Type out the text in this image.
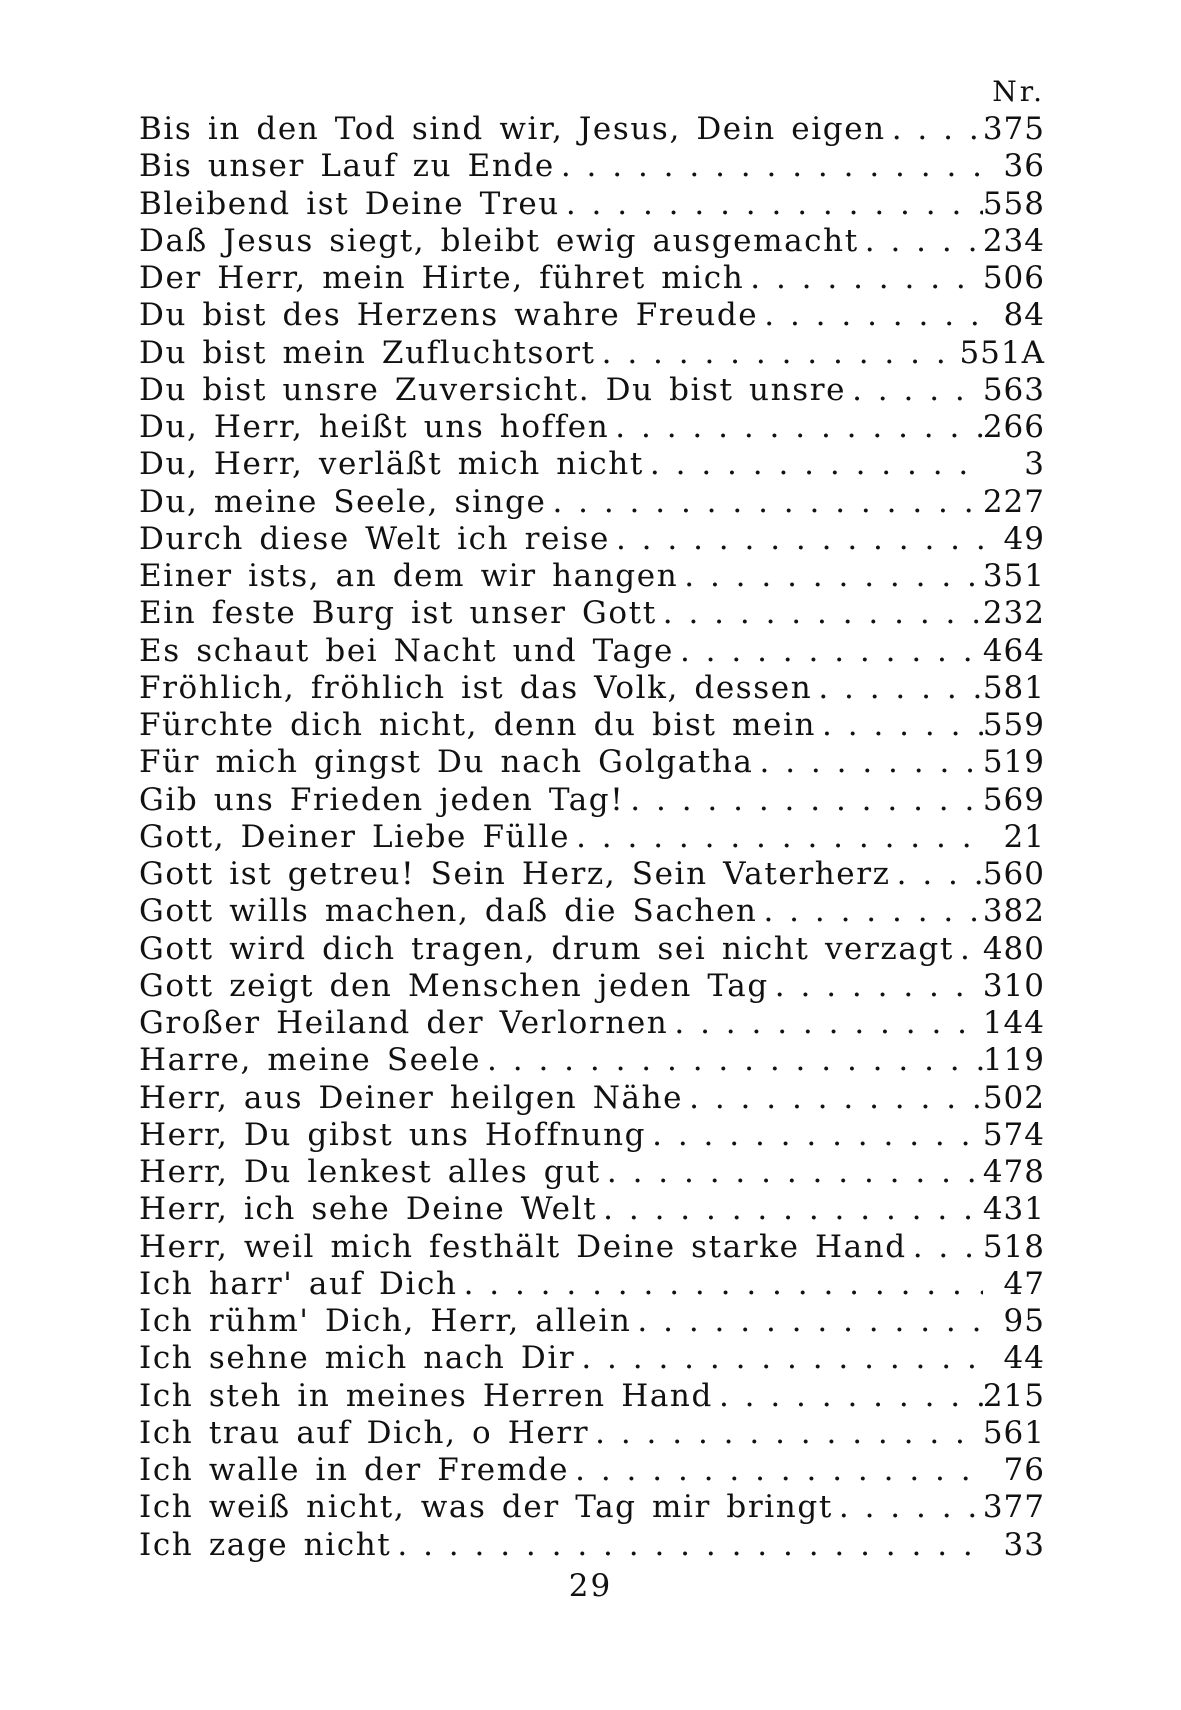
Nr.
Bis in den Tod sind wir, Jesus, Dein eigen . . .	375
Bis unser Lauf zu Ende . . .	36
Bleibend ist Deine Treu . . .	558
Daß Jesus siegt, bleibt ewig ausgemacht . . .	234
Der Herr, mein Hirte, führet mich . . .	506
Du bist des Herzens wahre Freude . . .	84
Du bist mein Zufluchtsort . . .	551A
Du bist unsre Zuversicht. Du bist unsre . . .	563
Du, Herr, heißt uns hoffen . . .	266
Du, Herr, verläßt mich nicht . . .	3
Du, meine Seele, singe . . .	227
Durch diese Welt ich reise . . .	49
Einer ists, an dem wir hangen . . .	351
Ein feste Burg ist unser Gott . . .	232
Es schaut bei Nacht und Tage . . .	464
Fröhlich, fröhlich ist das Volk, dessen . . .	581
Fürchte dich nicht, denn du bist mein . . .	559
Für mich gingst Du nach Golgatha . . .	519
Gib uns Frieden jeden Tag! . . .	569
Gott, Deiner Liebe Fülle . . .	21
Gott ist getreu! Sein Herz, Sein Vaterherz . . .	560
Gott wills machen, daß die Sachen . . .	382
Gott wird dich tragen, drum sei nicht verzagt . . . 480
Gott zeigt den Menschen jeden Tag . . .	310
Großer Heiland der Verlornen . . .	144
Harre, meine Seele . . .	119
Herr, aus Deiner heilgen Nähe . . .	502
Herr, Du gibst uns Hoffnung . . .	574
Herr, Du lenkest alles gut . . .	478
Herr, ich sehe Deine Welt . . .	431
Herr, weil mich festhält Deine starke Hand . . . 518
Ich harr' auf Dich . . .	47
Ich rühm' Dich, Herr, allein . . .	95
Ich sehne mich nach Dir . . .	44
Ich steh in meines Herren Hand . . .	215
Ich trau auf Dich, o Herr . . .	561
Ich walle in der Fremde . . .	76
Ich weiß nicht, was der Tag mir bringt . . .	377
Ich zage nicht . . .	33
29
